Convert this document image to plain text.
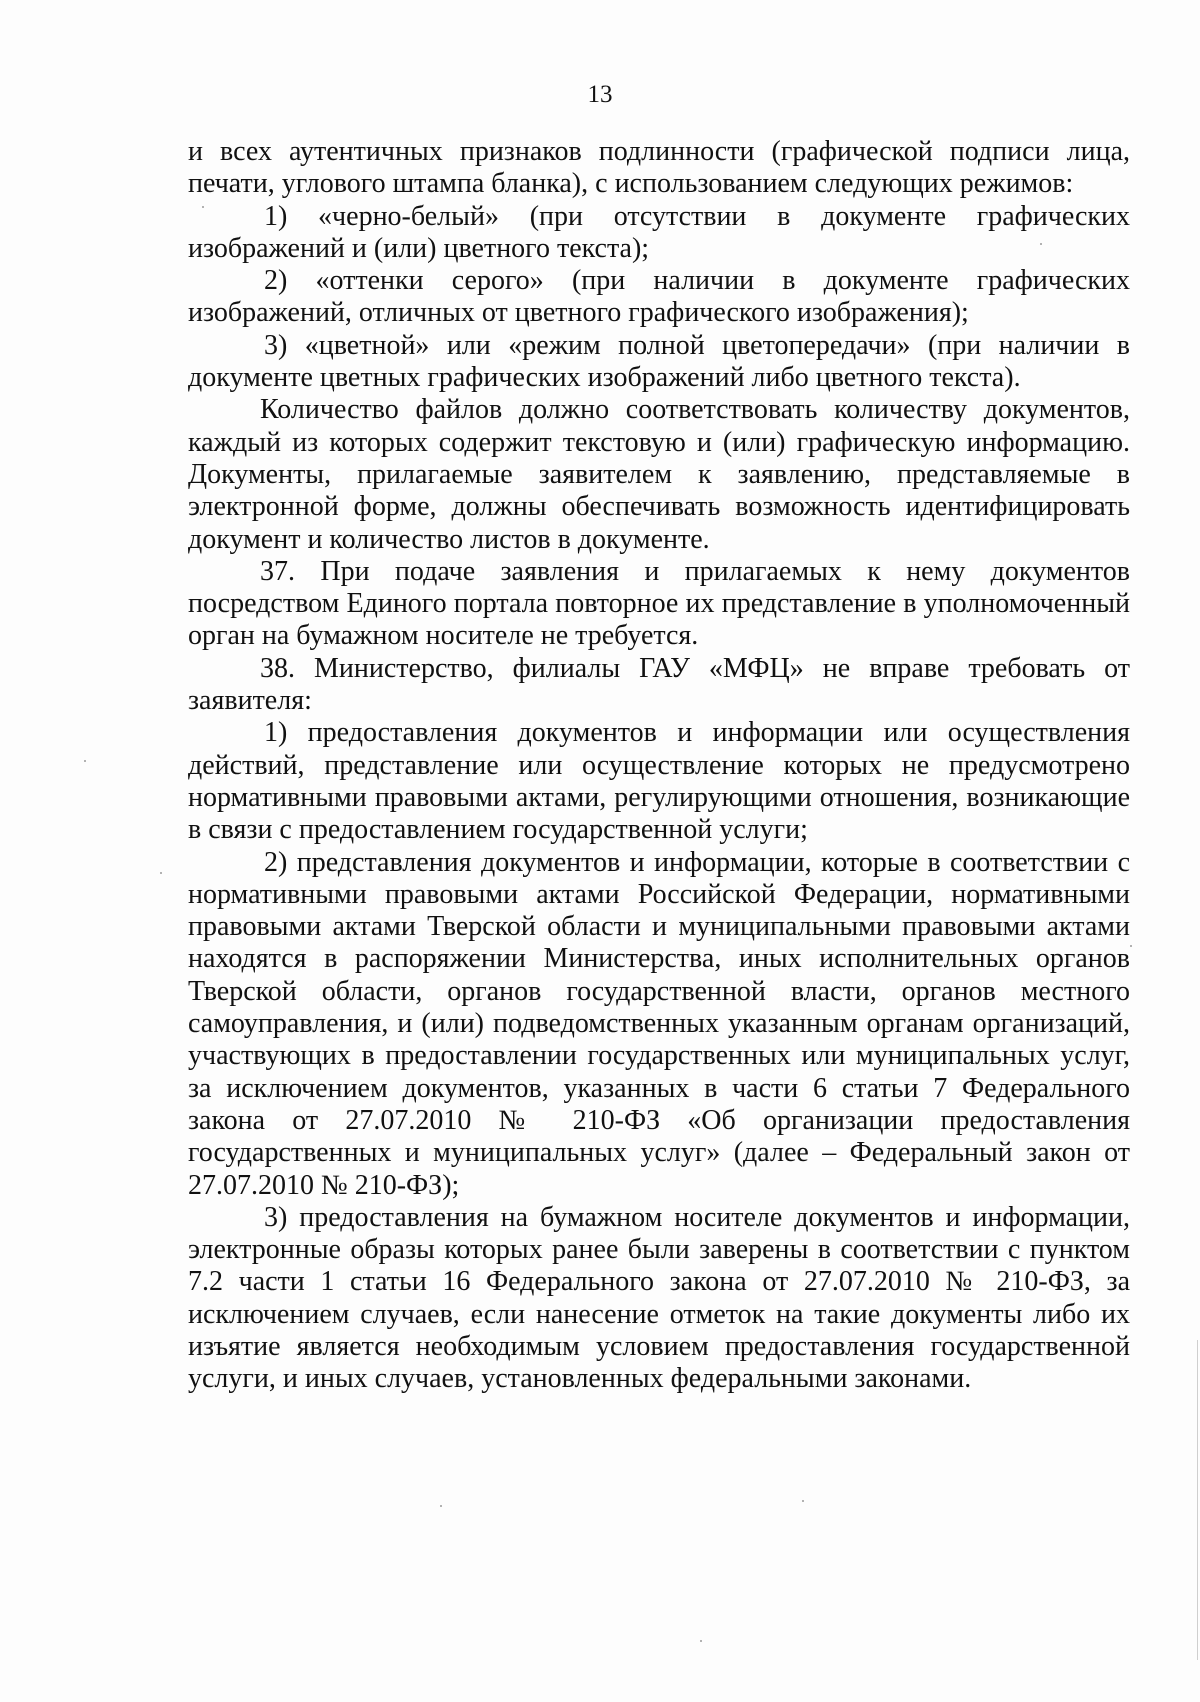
13

и всех аутентичных признаков подлинности (графической подписи лица, печати, углового штампа бланка), с использованием следующих режимов:

1) «черно-белый» (при отсутствии в документе графических изображений и (или) цветного текста);

2) «оттенки серого» (при наличии в документе графических изображений, отличных от цветного графического изображения);

3) «цветной» или «режим полной цветопередачи» (при наличии в документе цветных графических изображений либо цветного текста).

Количество файлов должно соответствовать количеству документов, каждый из которых содержит текстовую и (или) графическую информацию. Документы, прилагаемые заявителем к заявлению, представляемые в электронной форме, должны обеспечивать возможность идентифицировать документ и количество листов в документе.

37. При подаче заявления и прилагаемых к нему документов посредством Единого портала повторное их представление в уполномоченный орган на бумажном носителе не требуется.

38. Министерство, филиалы ГАУ «МФЦ» не вправе требовать от заявителя:

1) предоставления документов и информации или осуществления действий, представление или осуществление которых не предусмотрено нормативными правовыми актами, регулирующими отношения, возникающие в связи с предоставлением государственной услуги;

2) представления документов и информации, которые в соответствии с нормативными правовыми актами Российской Федерации, нормативными правовыми актами Тверской области и муниципальными правовыми актами находятся в распоряжении Министерства, иных исполнительных органов Тверской области, органов государственной власти, органов местного самоуправления, и (или) подведомственных указанным органам организаций, участвующих в предоставлении государственных или муниципальных услуг, за исключением документов, указанных в части 6 статьи 7 Федерального закона от 27.07.2010 № 210-ФЗ «Об организации предоставления государственных и муниципальных услуг» (далее – Федеральный закон от 27.07.2010 № 210-ФЗ);

3) предоставления на бумажном носителе документов и информации, электронные образы которых ранее были заверены в соответствии с пунктом 7.2 части 1 статьи 16 Федерального закона от 27.07.2010 № 210-ФЗ, за исключением случаев, если нанесение отметок на такие документы либо их изъятие является необходимым условием предоставления государственной услуги, и иных случаев, установленных федеральными законами.
